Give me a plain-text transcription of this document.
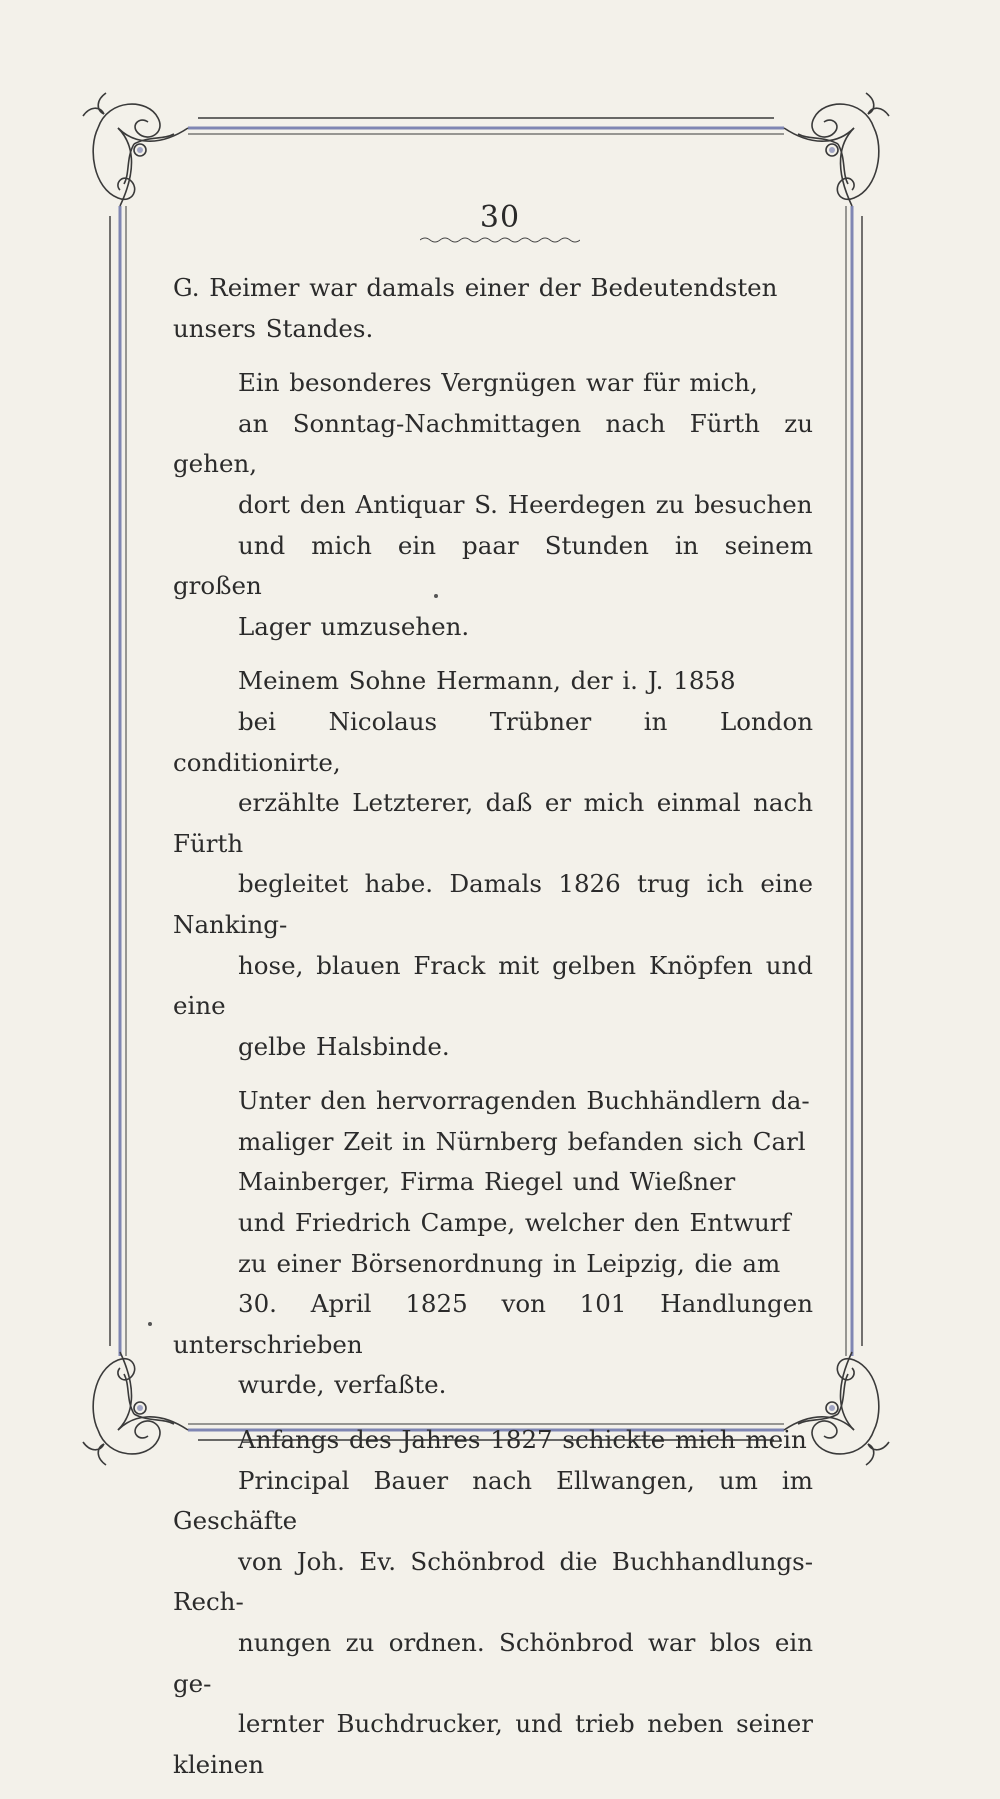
30

G. Reimer war damals einer der Bedeutendsten
unsers Standes.

Ein besonderes Vergnügen war für mich,
an Sonntag-Nachmittagen nach Fürth zu gehen,
dort den Antiquar S. Heerdegen zu besuchen
und mich ein paar Stunden in seinem großen
Lager umzusehen.

Meinem Sohne Hermann, der i. J. 1858
bei Nicolaus Trübner in London conditionirte,
erzählte Letzterer, daß er mich einmal nach Fürth
begleitet habe. Damals 1826 trug ich eine Nanking-
hose, blauen Frack mit gelben Knöpfen und eine
gelbe Halsbinde.

Unter den hervorragenden Buchhändlern da-
maliger Zeit in Nürnberg befanden sich Carl
Mainberger, Firma Riegel und Wießner
und Friedrich Campe, welcher den Entwurf
zu einer Börsenordnung in Leipzig, die am
30. April 1825 von 101 Handlungen unterschrieben
wurde, verfaßte.

Anfangs des Jahres 1827 schickte mich mein
Principal Bauer nach Ellwangen, um im Geschäfte
von Joh. Ev. Schönbrod die Buchhandlungs-Rech-
nungen zu ordnen. Schönbrod war blos ein ge-
lernter Buchdrucker, und trieb neben seiner kleinen
